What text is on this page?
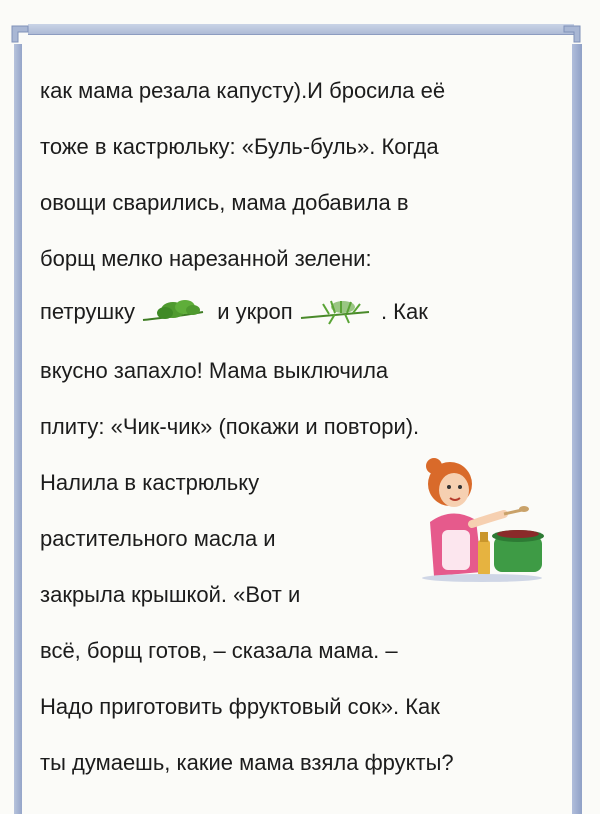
как мама резала капусту).И бросила её
тоже в кастрюльку: «Буль-буль». Когда
овощи сварились, мама добавила в
борщ мелко нарезанной зелени:
петрушку	и укроп	. Как
вкусно запахло! Мама выключила
плиту: «Чик-чик» (покажи и повтори).
Налила в кастрюльку
растительного масла и
закрыла крышкой. «Вот и
всё, борщ готов, – сказала мама. –
Надо приготовить фруктовый сок». Как
ты думаешь, какие мама взяла фрукты?
